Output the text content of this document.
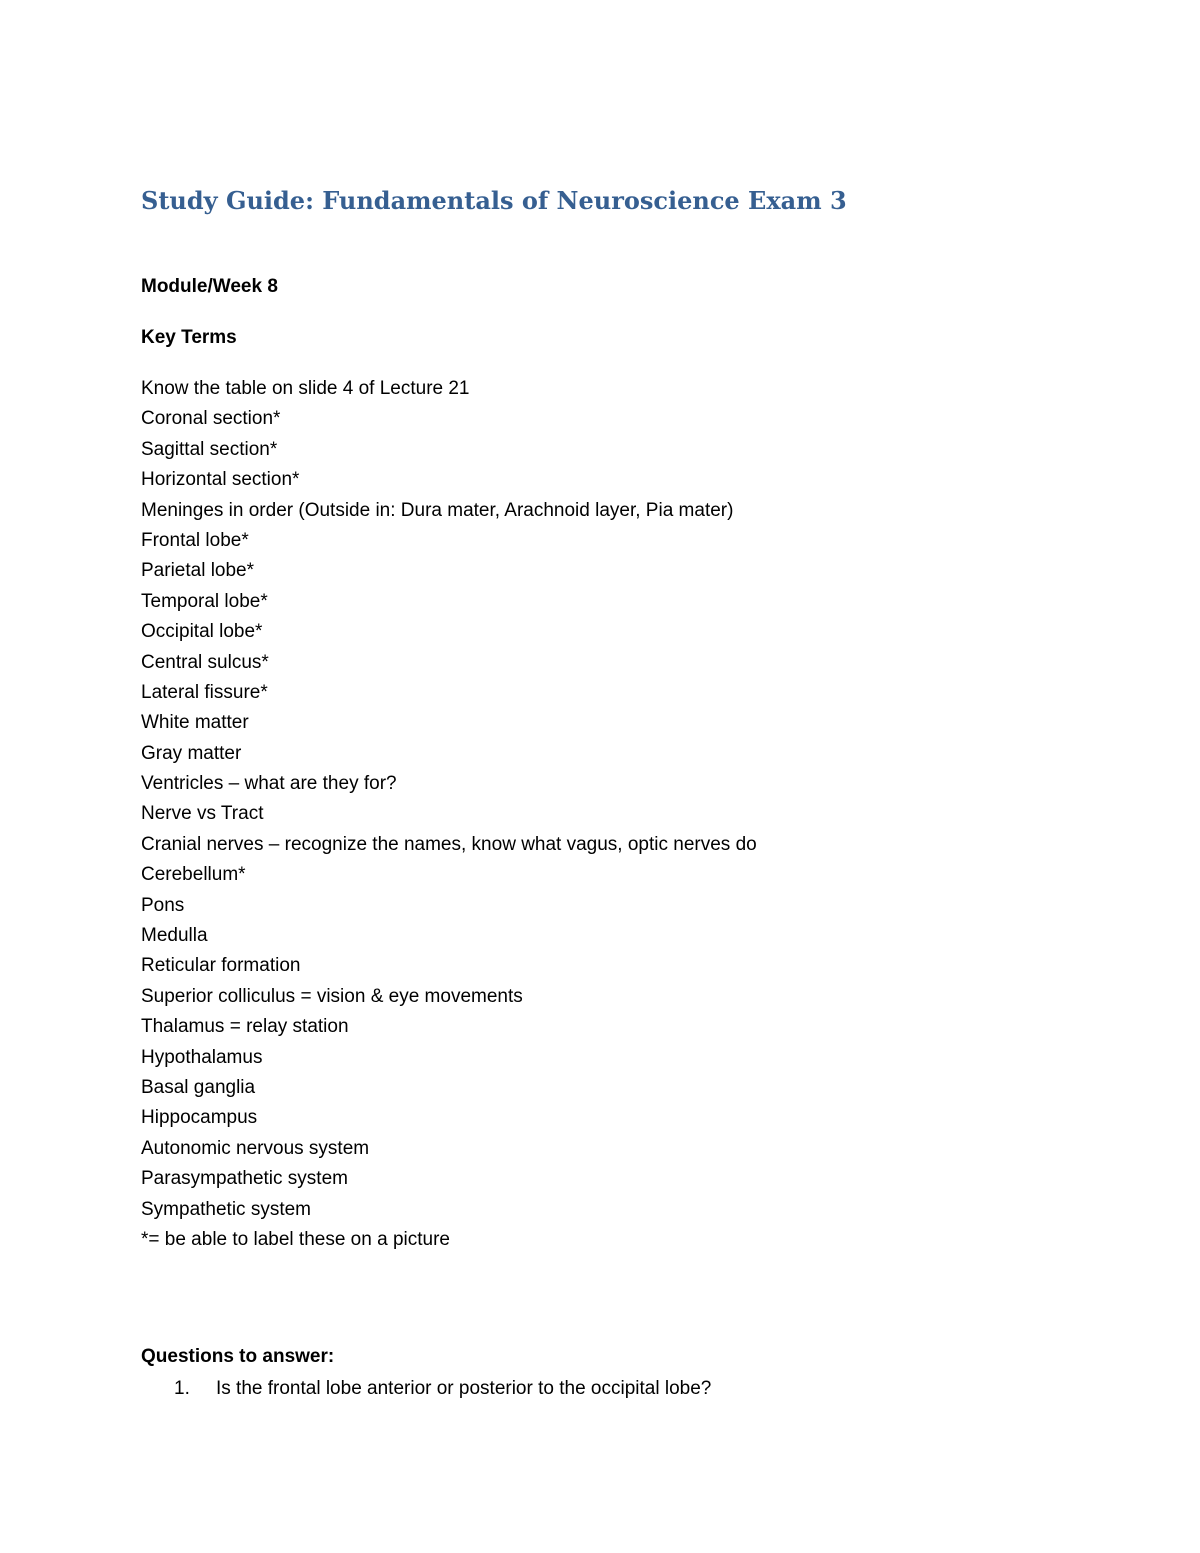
Study Guide: Fundamentals of Neuroscience Exam 3
Module/Week 8
Key Terms
Know the table on slide 4 of Lecture 21
Coronal section*
Sagittal section*
Horizontal section*
Meninges in order (Outside in: Dura mater, Arachnoid layer, Pia mater)
Frontal lobe*
Parietal lobe*
Temporal lobe*
Occipital lobe*
Central sulcus*
Lateral fissure*
White matter
Gray matter
Ventricles – what are they for?
Nerve vs Tract
Cranial nerves – recognize the names, know what vagus, optic nerves do
Cerebellum*
Pons
Medulla
Reticular formation
Superior colliculus = vision & eye movements
Thalamus = relay station
Hypothalamus
Basal ganglia
Hippocampus
Autonomic nervous system
Parasympathetic system
Sympathetic system
*= be able to label these on a picture
Questions to answer:
1. Is the frontal lobe anterior or posterior to the occipital lobe?
